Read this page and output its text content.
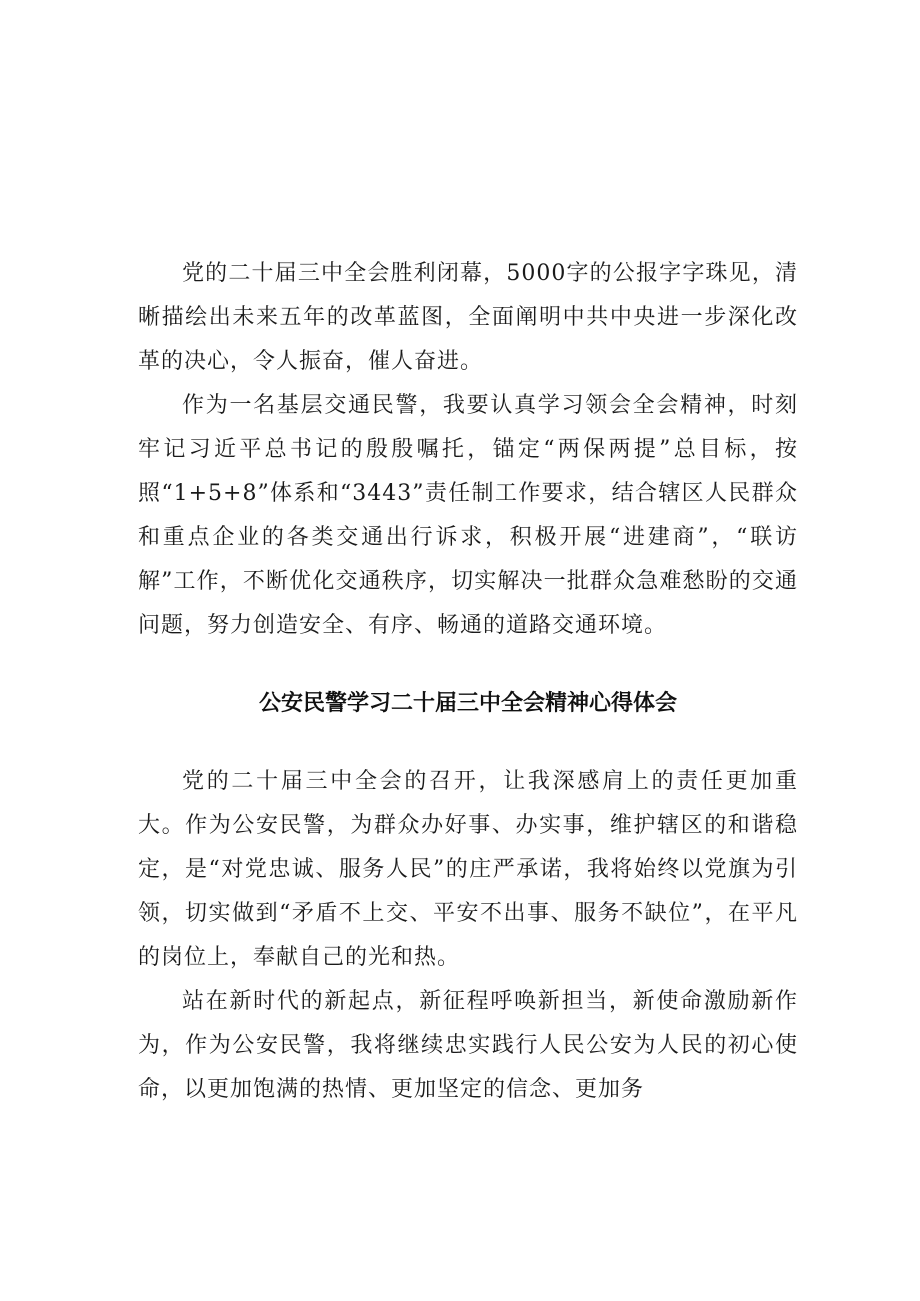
党的二十届三中全会胜利闭幕，5000字的公报字字珠见，清晰描绘出未来五年的改革蓝图，全面阐明中共中央进一步深化改革的决心，令人振奋，催人奋进。

作为一名基层交通民警，我要认真学习领会全会精神，时刻牢记习近平总书记的殷殷嘱托，锚定“两保两提”总目标，按照“1+5+8”体系和“3443”责任制工作要求，结合辖区人民群众和重点企业的各类交通出行诉求，积极开展“进建商”，“联访解”工作，不断优化交通秩序，切实解决一批群众急难愁盼的交通问题，努力创造安全、有序、畅通的道路交通环境。

公安民警学习二十届三中全会精神心得体会

党的二十届三中全会的召开，让我深感肩上的责任更加重大。作为公安民警，为群众办好事、办实事，维护辖区的和谐稳定，是“对党忠诚、服务人民”的庄严承诺，我将始终以党旗为引领，切实做到“矛盾不上交、平安不出事、服务不缺位”，在平凡的岗位上，奉献自己的光和热。

站在新时代的新起点，新征程呼唤新担当，新使命激励新作为，作为公安民警，我将继续忠实践行人民公安为人民的初心使命，以更加饱满的热情、更加坚定的信念、更加务
